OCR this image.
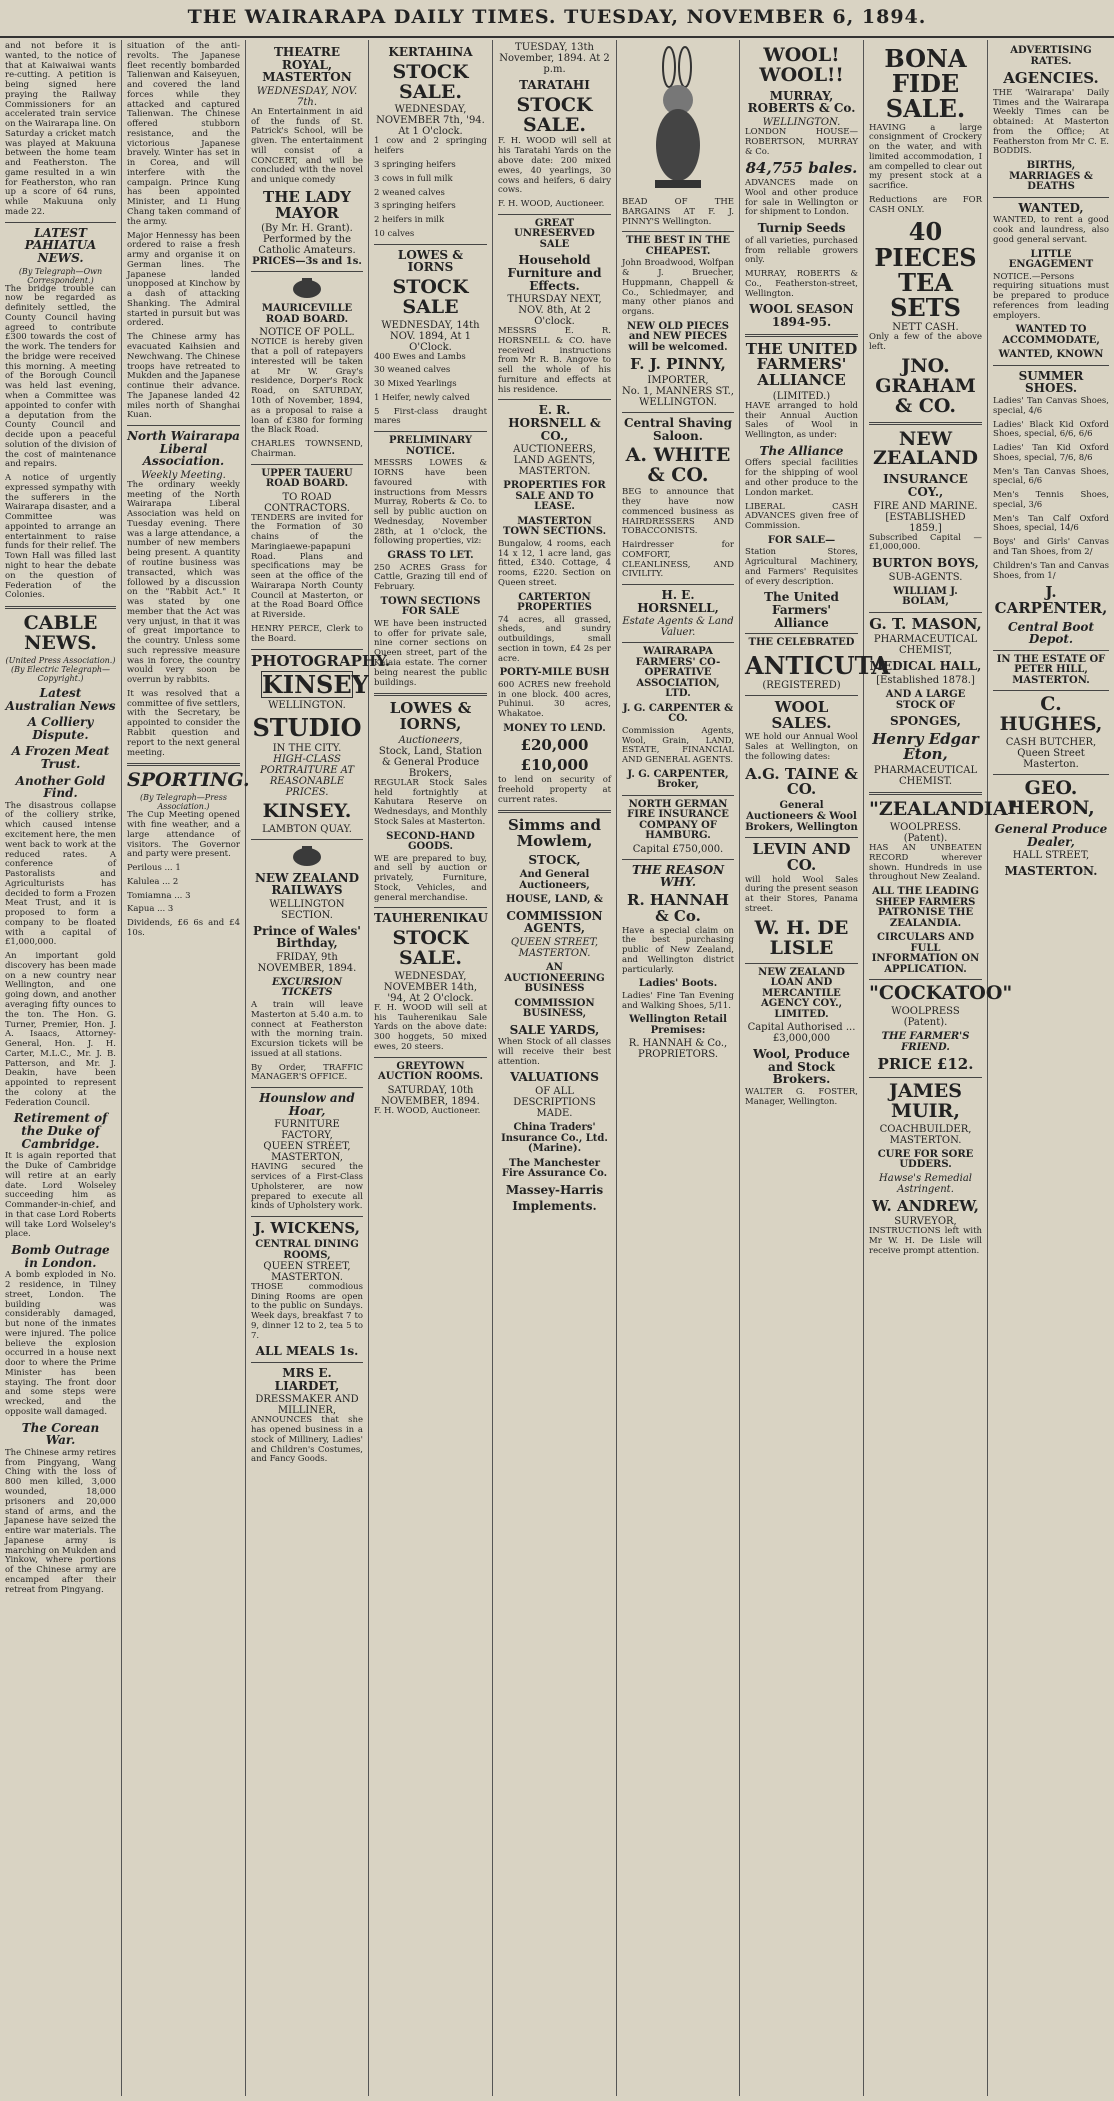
THE WAIRARAPA DAILY TIMES. TUESDAY, NOVEMBER 6, 1894.
and not before it is wanted, to the notice of that at Kaiwaiwai wants re-cutting. A petition is being signed here praying the Railway Commissioners for an accelerated train service on the Wairarapa line. On Saturday a cricket match was played at Makuuna between the home team and Featherston. The game resulted in a win for Featherston, who ran up a score of 64 runs, while Makuuna only made 22.
LATEST PAHIATUA NEWS.
(By Telegraph—Own Correspondent.)
The bridge trouble can now be regarded as definitely settled, the County Council having agreed to contribute £300 towards the cost of the work. The tenders for the bridge were received this morning. A meeting of the Borough Council was held last evening, when a Committee was appointed to confer with a deputation from the County Council and decide upon a peaceful solution of the division of the cost of maintenance and repairs.
A notice of urgently expressed sympathy with the sufferers in the Wairarapa disaster, and a Committee was appointed to arrange an entertainment to raise funds for their relief. The Town Hall was filled last night to hear the debate on the question of Federation of the Colonies.
CABLE NEWS.
(United Press Association.) (By Electric Telegraph—Copyright.)
Latest Australian News
A Colliery Dispute.
A Frozen Meat Trust.
Another Gold Find.
The disastrous collapse of the colliery strike, which caused intense excitement here, the men went back to work at the reduced rates. A conference of Pastoralists and Agriculturists has decided to form a Frozen Meat Trust, and it is proposed to form a company to be floated with a capital of £1,000,000.
An important gold discovery has been made on a new country near Wellington, and one going down, and another averaging fifty ounces to the ton. The Hon. G. Turner, Premier, Hon. J. A. Isaacs, Attorney-General, Hon. J. H. Carter, M.L.C., Mr. J. B. Patterson, and Mr. J. Deakin, have been appointed to represent the colony at the Federation Council.
Retirement of the Duke of Cambridge.
It is again reported that the Duke of Cambridge will retire at an early date. Lord Wolseley succeeding him as Commander-in-chief, and in that case Lord Roberts will take Lord Wolseley's place.
Bomb Outrage in London.
A bomb exploded in No. 2 residence, in Tilney street, London. The building was considerably damaged, but none of the inmates were injured. The police believe the explosion occurred in a house next door to where the Prime Minister has been staying. The front door and some steps were wrecked, and the opposite wall damaged.
The Corean War.
The Chinese army retires from Pingyang, Wang Ching with the loss of 800 men killed, 3,000 wounded, 18,000 prisoners and 20,000 stand of arms, and the Japanese have seized the entire war materials. The Japanese army is marching on Mukden and Yinkow, where portions of the Chinese army are encamped after their retreat from Pingyang.
situation of the anti-revolts. The Japanese fleet recently bombarded Talienwan and Kaiseyuen, and covered the land forces while they attacked and captured Talienwan. The Chinese offered stubborn resistance, and the victorious Japanese bravely. Winter has set in in Corea, and will interfere with the campaign. Prince Kung has been appointed Minister, and Li Hung Chang taken command of the army.
Major Hennessy has been ordered to raise a fresh army and organise it on German lines. The Japanese landed unopposed at Kinchow by a dash of attacking Shanking. The Admiral started in pursuit but was ordered.
The Chinese army has evacuated Kaihsien and Newchwang. The Chinese troops have retreated to Mukden and the Japanese continue their advance. The Japanese landed 42 miles north of Shanghai Kuan.
North Wairarapa Liberal Association.
Weekly Meeting.
The ordinary weekly meeting of the North Wairarapa Liberal Association was held on Tuesday evening. There was a large attendance, a number of new members being present. A quantity of routine business was transacted, which was followed by a discussion on the "Rabbit Act." It was stated by one member that the Act was very unjust, in that it was of great importance to the country. Unless some such repressive measure was in force, the country would very soon be overrun by rabbits.
It was resolved that a committee of five settlers, with the Secretary, be appointed to consider the Rabbit question and report to the next general meeting.
SPORTING.
(By Telegraph—Press Association.)
The Cup Meeting opened with fine weather, and a large attendance of visitors. The Governor and party were present.
Perilous ... 1
Kalulea ... 2
Tomiamna ... 3
Kapua ... 3
Dividends, £6 6s and £4 10s.
THEATRE ROYAL, MASTERTON
WEDNESDAY, NOV. 7th.
An Entertainment in aid of the funds of St. Patrick's School, will be given. The entertainment will consist of a CONCERT, and will be concluded with the novel and unique comedy
THE LADY MAYOR
(By Mr. H. Grant). Performed by the Catholic Amateurs.
PRICES—3s and 1s.
MAURICEVILLE ROAD BOARD.
NOTICE OF POLL.
NOTICE is hereby given that a poll of ratepayers interested will be taken at Mr W. Gray's residence, Dorper's Rock Road, on SATURDAY, 10th of November, 1894, as a proposal to raise a loan of £380 for forming the Black Road.
CHARLES TOWNSEND, Chairman.
UPPER TAUERU ROAD BOARD.
TO ROAD CONTRACTORS.
TENDERS are invited for the Formation of 30 chains of the Maringiaewe-papapuni Road. Plans and specifications may be seen at the office of the Wairarapa North County Council at Masterton, or at the Road Board Office at Riverside.
HENRY PERCE, Clerk to the Board.
PHOTOGRAPHY.
KINSEY
WELLINGTON.
STUDIO
IN THE CITY.
HIGH-CLASS PORTRAITURE AT REASONABLE PRICES.
KINSEY.
LAMBTON QUAY.
NEW ZEALAND RAILWAYS
WELLINGTON SECTION.
Prince of Wales' Birthday,
FRIDAY, 9th NOVEMBER, 1894.
EXCURSION TICKETS
A train will leave Masterton at 5.40 a.m. to connect at Featherston with the morning train. Excursion tickets will be issued at all stations.
By Order, TRAFFIC MANAGER'S OFFICE.
Hounslow and Hoar,
FURNITURE FACTORY,
QUEEN STREET, MASTERTON,
HAVING secured the services of a First-Class Upholsterer, are now prepared to execute all kinds of Upholstery work.
J. WICKENS,
CENTRAL DINING ROOMS,
QUEEN STREET, MASTERTON.
THOSE commodious Dining Rooms are open to the public on Sundays. Week days, breakfast 7 to 9, dinner 12 to 2, tea 5 to 7.
ALL MEALS 1s.
MRS E. LIARDET,
DRESSMAKER AND MILLINER,
ANNOUNCES that she has opened business in a stock of Millinery, Ladies' and Children's Costumes, and Fancy Goods.
KERTAHINA
STOCK SALE.
WEDNESDAY, NOVEMBER 7th, '94. At 1 O'clock.
1 cow and 2 springing heifers
3 springing heifers
3 cows in full milk
2 weaned calves
3 springing heifers
2 heifers in milk
10 calves
LOWES & IORNS
STOCK SALE
WEDNESDAY, 14th NOV. 1894, At 1 O'Clock.
400 Ewes and Lambs
30 weaned calves
30 Mixed Yearlings
1 Heifer, newly calved
5 First-class draught mares
PRELIMINARY NOTICE.
MESSRS LOWES & IORNS have been favoured with instructions from Messrs Murray, Roberts & Co. to sell by public auction on Wednesday, November 28th, at 1 o'clock, the following properties, viz:
GRASS TO LET.
250 ACRES Grass for Cattle, Grazing till end of February.
TOWN SECTIONS FOR SALE
WE have been instructed to offer for private sale, nine corner sections on Queen street, part of the Kaiaia estate. The corner being nearest the public buildings.
LOWES & IORNS,
Auctioneers,
Stock, Land, Station & General Produce Brokers,
REGULAR Stock Sales held fortnightly at Kahutara Reserve on Wednesdays, and Monthly Stock Sales at Masterton.
SECOND-HAND GOODS.
WE are prepared to buy, and sell by auction or privately, Furniture, Stock, Vehicles, and general merchandise.
TAUHERENIKAU
STOCK SALE.
WEDNESDAY, NOVEMBER 14th, '94, At 2 O'clock.
F. H. WOOD will sell at his Tauherenikau Sale Yards on the above date: 300 hoggets, 50 mixed ewes, 20 steers.
GREYTOWN AUCTION ROOMS.
SATURDAY, 10th NOVEMBER, 1894.
F. H. WOOD, Auctioneer.
TUESDAY, 13th November, 1894. At 2 p.m.
TARATAHI
STOCK SALE.
F. H. WOOD will sell at his Taratahi Yards on the above date: 200 mixed ewes, 40 yearlings, 30 cows and heifers, 6 dairy cows.
F. H. WOOD, Auctioneer.
GREAT UNRESERVED SALE
Household Furniture and Effects.
THURSDAY NEXT, NOV. 8th, At 2 O'clock.
MESSRS E. R. HORSNELL & CO. have received instructions from Mr R. B. Angove to sell the whole of his furniture and effects at his residence.
E. R. HORSNELL & CO.,
AUCTIONEERS,
LAND AGENTS, MASTERTON.
PROPERTIES FOR SALE AND TO LEASE.
MASTERTON TOWN SECTIONS.
Bungalow, 4 rooms, each 14 x 12, 1 acre land, gas fitted, £340. Cottage, 4 rooms, £220. Section on Queen street.
CARTERTON PROPERTIES
74 acres, all grassed, sheds, and sundry outbuildings, small section in town, £4 2s per acre.
PORTY-MILE BUSH
600 ACRES new freehold in one block. 400 acres, Puhinui. 30 acres, Whakatoe.
MONEY TO LEND.
£20,000
£10,000
to lend on security of freehold property at current rates.
Simms and Mowlem,
STOCK,
And General Auctioneers,
HOUSE, LAND, &
COMMISSION AGENTS,
QUEEN STREET, MASTERTON.
AN AUCTIONEERING BUSINESS
COMMISSION BUSINESS,
SALE YARDS,
When Stock of all classes will receive their best attention.
VALUATIONS
OF ALL DESCRIPTIONS MADE.
China Traders' Insurance Co., Ltd. (Marine).
The Manchester Fire Assurance Co.
Massey-Harris
Implements.
BEAD OF THE BARGAINS AT F. J. PINNY'S Wellington.
THE BEST IN THE CHEAPEST.
John Broadwood, Wolfpan & J. Bruecher, Huppmann, Chappell & Co., Schiedmayer, and many other pianos and organs.
NEW OLD PIECES and NEW PIECES will be welcomed.
F. J. PINNY,
IMPORTER,
No. 1, MANNERS ST., WELLINGTON.
Central Shaving Saloon.
A. WHITE & CO.
BEG to announce that they have now commenced business as HAIRDRESSERS AND TOBACCONISTS.
Hairdresser for COMFORT, CLEANLINESS, AND CIVILITY.
H. E. HORSNELL,
Estate Agents & Land Valuer.
WAIRARAPA FARMERS' CO-OPERATIVE ASSOCIATION, LTD.
J. G. CARPENTER & CO.
Commission Agents, Wool, Grain, LAND, ESTATE, FINANCIAL AND GENERAL AGENTS.
J. G. CARPENTER, Broker,
NORTH GERMAN FIRE INSURANCE COMPANY OF HAMBURG.
Capital £750,000.
THE REASON WHY.
R. HANNAH & Co.
Have a special claim on the best purchasing public of New Zealand, and Wellington district particularly.
Ladies' Boots.
Ladies' Fine Tan Evening and Walking Shoes, 5/11.
Wellington Retail Premises:
R. HANNAH & Co., PROPRIETORS.
WOOL! WOOL!!
MURRAY, ROBERTS & Co.
WELLINGTON.
LONDON HOUSE—ROBERTSON, MURRAY & Co.
84,755 bales.
ADVANCES made on Wool and other produce for sale in Wellington or for shipment to London.
Turnip Seeds
of all varieties, purchased from reliable growers only.
MURRAY, ROBERTS & Co., Featherston-street, Wellington.
WOOL SEASON 1894-95.
THE UNITED FARMERS' ALLIANCE
(LIMITED.)
HAVE arranged to hold their Annual Auction Sales of Wool in Wellington, as under:
The Alliance
Offers special facilities for the shipping of wool and other produce to the London market.
LIBERAL CASH ADVANCES given free of Commission.
FOR SALE—
Station Stores, Agricultural Machinery, and Farmers' Requisites of every description.
The United Farmers' Alliance
THE CELEBRATED
ANTICUTA
(REGISTERED)
WOOL SALES.
WE hold our Annual Wool Sales at Wellington, on the following dates:
A.G. TAINE & CO.
General Auctioneers & Wool Brokers, Wellington
LEVIN AND CO.
will hold Wool Sales during the present season at their Stores, Panama street.
W. H. DE LISLE
NEW ZEALAND LOAN AND MERCANTILE AGENCY COY., LIMITED.
Capital Authorised ... £3,000,000
Wool, Produce and Stock Brokers.
WALTER G. FOSTER, Manager, Wellington.
BONA FIDE SALE.
HAVING a large consignment of Crockery on the water, and with limited accommodation, I am compelled to clear out my present stock at a sacrifice.
Reductions are FOR CASH ONLY.
40 PIECES TEA SETS
NETT CASH.
Only a few of the above left.
JNO. GRAHAM & CO.
NEW ZEALAND
INSURANCE COY.,
FIRE AND MARINE.
[ESTABLISHED 1859.]
Subscribed Capital — £1,000,000.
BURTON BOYS,
SUB-AGENTS.
WILLIAM J. BOLAM,
G. T. MASON,
PHARMACEUTICAL CHEMIST,
MEDICAL HALL,
[Established 1878.]
AND A LARGE STOCK OF
SPONGES,
Henry Edgar Eton,
PHARMACEUTICAL CHEMIST.
"ZEALANDIA"
WOOLPRESS. (Patent).
HAS AN UNBEATEN RECORD wherever shown. Hundreds in use throughout New Zealand.
ALL THE LEADING SHEEP FARMERS PATRONISE THE ZEALANDIA.
CIRCULARS AND FULL INFORMATION ON APPLICATION.
"COCKATOO"
WOOLPRESS (Patent).
THE FARMER'S FRIEND.
PRICE £12.
JAMES MUIR,
COACHBUILDER, MASTERTON.
CURE FOR SORE UDDERS.
Hawse's Remedial Astringent.
W. ANDREW,
SURVEYOR,
INSTRUCTIONS left with Mr W. H. De Lisle will receive prompt attention.
ADVERTISING RATES.
AGENCIES.
THE 'Wairarapa' Daily Times and the Wairarapa Weekly Times can be obtained: At Masterton from the Office; At Featherston from Mr C. E. BODDIS.
BIRTHS, MARRIAGES & DEATHS
WANTED,
WANTED, to rent a good cook and laundress, also good general servant.
LITTLE ENGAGEMENT
NOTICE.—Persons requiring situations must be prepared to produce references from leading employers.
WANTED TO ACCOMMODATE,
WANTED, KNOWN
SUMMER SHOES.
Ladies' Tan Canvas Shoes, special, 4/6
Ladies' Black Kid Oxford Shoes, special, 6/6, 6/6
Ladies' Tan Kid Oxford Shoes, special, 7/6, 8/6
Men's Tan Canvas Shoes, special, 6/6
Men's Tennis Shoes, special, 3/6
Men's Tan Calf Oxford Shoes, special, 14/6
Boys' and Girls' Canvas and Tan Shoes, from 2/
Children's Tan and Canvas Shoes, from 1/
J. CARPENTER,
Central Boot Depot.
IN THE ESTATE OF PETER HILL, MASTERTON.
C. HUGHES,
CASH BUTCHER,
Queen Street Masterton.
GEO. HERON,
General Produce Dealer,
HALL STREET,
MASTERTON.
